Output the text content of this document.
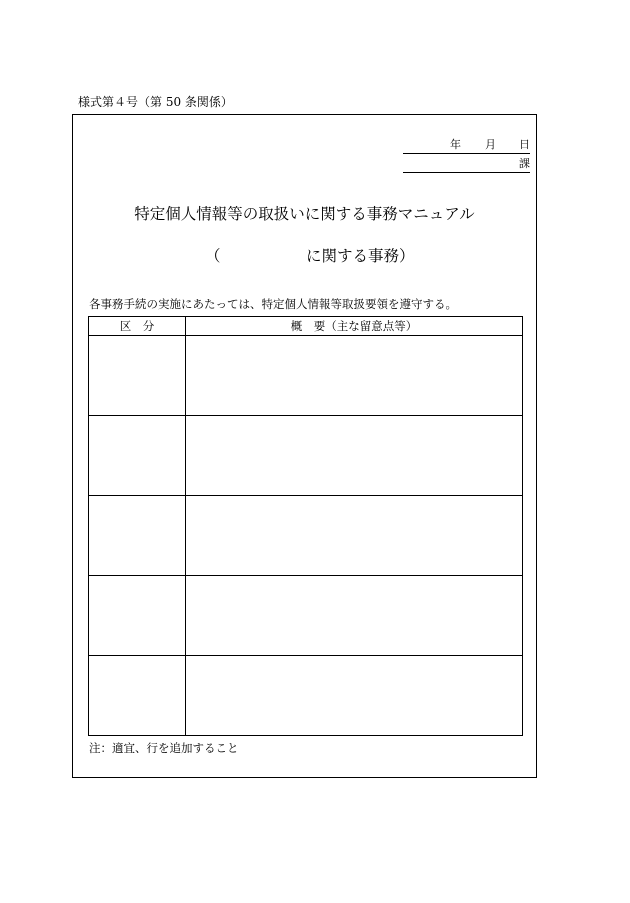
様式第４号（第 50 条関係）
年 月 日
課
特定個人情報等の取扱いに関する事務マニュアル
（	に関する事務）
各事務手続の実施にあたっては、特定個人情報等取扱要領を遵守する。
区　分	概　要（主な留意点等）

注：適宜、行を追加すること
